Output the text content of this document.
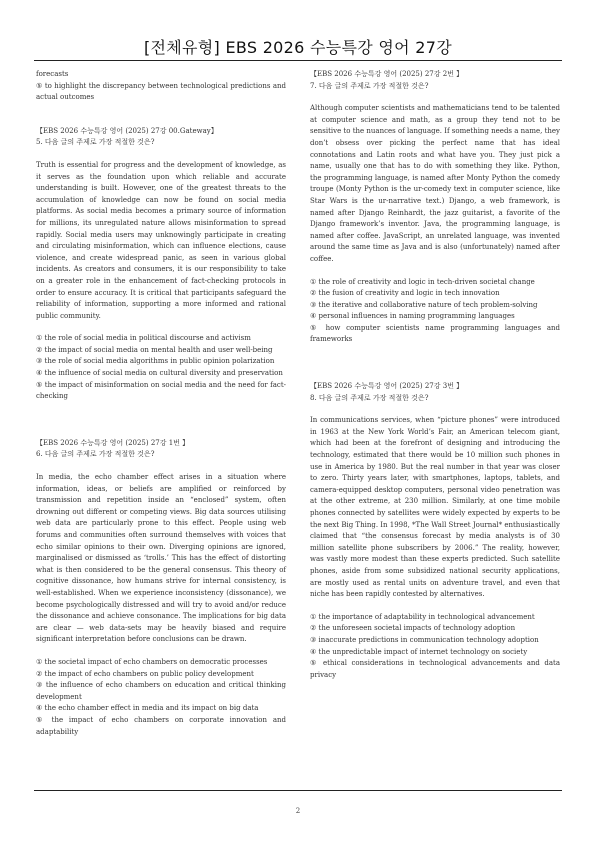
[전체유형] EBS 2026 수능특강 영어 27강

forecasts

⑤ to highlight the discrepancy between technological predictions and actual outcomes

【EBS 2026 수능특강 영어 (2025) 27강 00.Gateway】

5. 다음 글의 주제로 가장 적절한 것은?

Truth is essential for progress and the development of knowledge, as it serves as the foundation upon which reliable and accurate understanding is built. However, one of the greatest threats to the accumulation of knowledge can now be found on social media platforms. As social media becomes a primary source of information for millions, its unregulated nature allows misinformation to spread rapidly. Social media users may unknowingly participate in creating and circulating misinformation, which can influence elections, cause violence, and create widespread panic, as seen in various global incidents. As creators and consumers, it is our responsibility to take on a greater role in the enhancement of fact-checking protocols in order to ensure accuracy. It is critical that participants safeguard the reliability of information, supporting a more informed and rational public community.

① the role of social media in political discourse and activism

② the impact of social media on mental health and user well-being

③ the role of social media algorithms in public opinion polarization

④ the influence of social media on cultural diversity and preservation

⑤ the impact of misinformation on social media and the need for fact-checking

【EBS 2026 수능특강 영어 (2025) 27강 1번 】

6. 다음 글의 주제로 가장 적절한 것은?

In media, the echo chamber effect arises in a situation where information, ideas, or beliefs are amplified or reinforced by transmission and repetition inside an “enclosed” system, often drowning out different or competing views. Big data sources utilising web data are particularly prone to this effect. People using web forums and communities often surround themselves with voices that echo similar opinions to their own. Diverging opinions are ignored, marginalised or dismissed as ‘trolls.’ This has the effect of distorting what is then considered to be the general consensus. This theory of cognitive dissonance, how humans strive for internal consistency, is well-established. When we experience inconsistency (dissonance), we become psychologically distressed and will try to avoid and/or reduce the dissonance and achieve consonance. The implications for big data are clear — web data-sets may be heavily biased and require significant interpretation before conclusions can be drawn.

① the societal impact of echo chambers on democratic processes

② the impact of echo chambers on public policy development

③ the influence of echo chambers on education and critical thinking development

④ the echo chamber effect in media and its impact on big data

⑤ the impact of echo chambers on corporate innovation and adaptability

【EBS 2026 수능특강 영어 (2025) 27강 2번 】

7. 다음 글의 주제로 가장 적절한 것은?

Although computer scientists and mathematicians tend to be talented at computer science and math, as a group they tend not to be sensitive to the nuances of language. If something needs a name, they don’t obsess over picking the perfect name that has ideal connotations and Latin roots and what have you. They just pick a name, usually one that has to do with something they like. Python, the programming language, is named after Monty Python the comedy troupe (Monty Python is the ur-comedy text in computer science, like Star Wars is the ur-narrative text.) Django, a web framework, is named after Django Reinhardt, the jazz guitarist, a favorite of the Django framework’s inventor. Java, the programming language, is named after coffee. JavaScript, an unrelated language, was invented around the same time as Java and is also (unfortunately) named after coffee.

① the role of creativity and logic in tech-driven societal change

② the fusion of creativity and logic in tech innovation

③ the iterative and collaborative nature of tech problem-solving

④ personal influences in naming programming languages

⑤ how computer scientists name programming languages and frameworks

【EBS 2026 수능특강 영어 (2025) 27강 3번 】

8. 다음 글의 주제로 가장 적절한 것은?

In communications services, when “picture phones” were introduced in 1963 at the New York World’s Fair, an American telecom giant, which had been at the forefront of designing and introducing the technology, estimated that there would be 10 million such phones in use in America by 1980. But the real number in that year was closer to zero. Thirty years later, with smartphones, laptops, tablets, and camera-equipped desktop computers, personal video penetration was at the other extreme, at 230 million. Similarly, at one time mobile phones connected by satellites were widely expected by experts to be the next Big Thing. In 1998, *The Wall Street Journal* enthusiastically claimed that “the consensus forecast by media analysts is of 30 million satellite phone subscribers by 2006.” The reality, however, was vastly more modest than these experts predicted. Such satellite phones, aside from some subsidized national security applications, are mostly used as rental units on adventure travel, and even that niche has been rapidly contested by alternatives.

① the importance of adaptability in technological advancement

② the unforeseen societal impacts of technology adoption

③ inaccurate predictions in communication technology adoption

④ the unpredictable impact of internet technology on society

⑤ ethical considerations in technological advancements and data privacy

2
